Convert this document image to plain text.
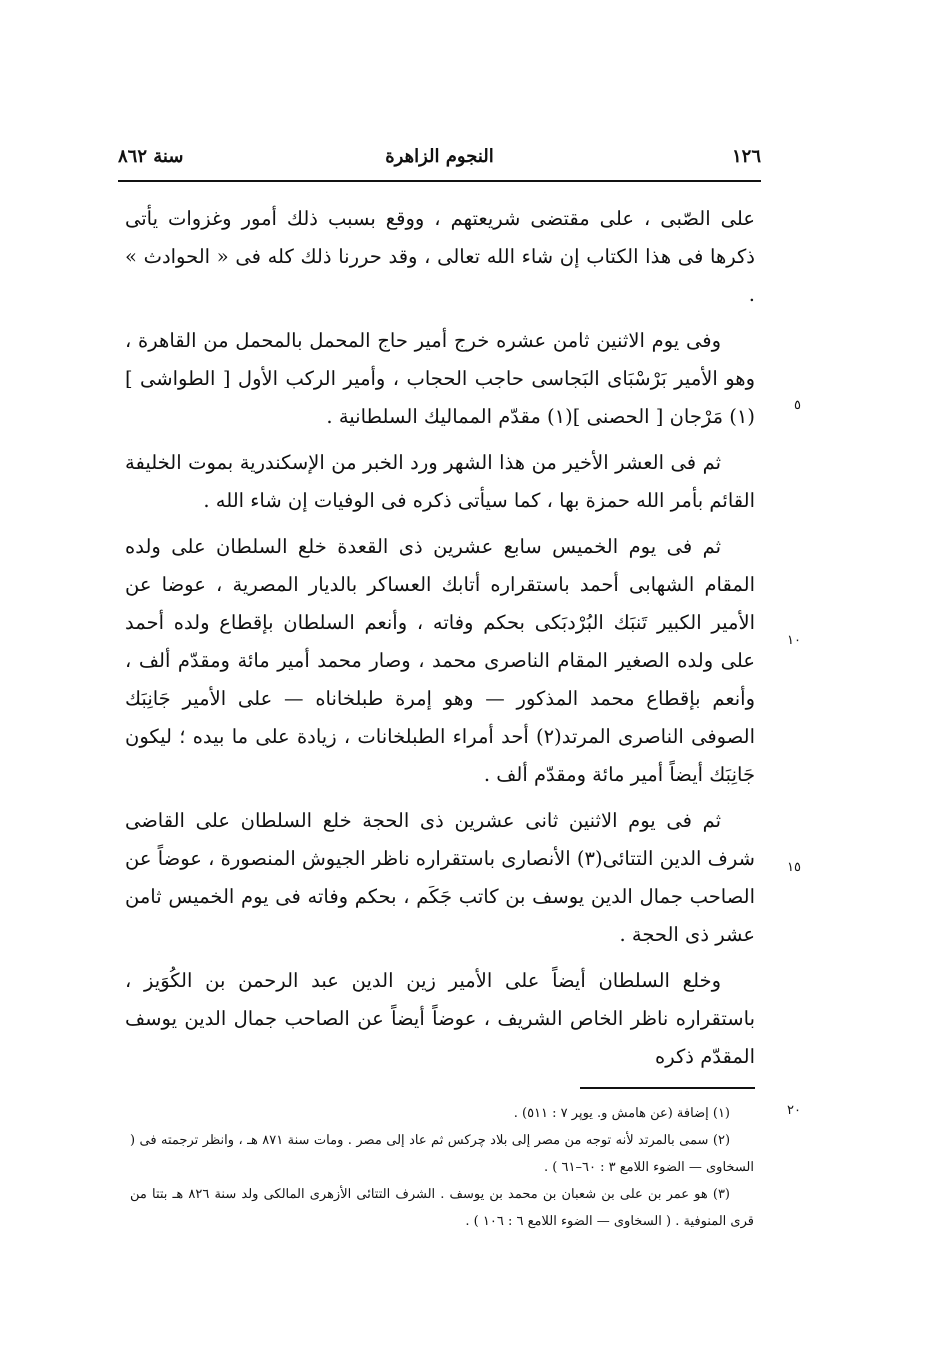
١٢٦
النجوم الزاهرة
سنة ٨٦٢

على الصّبى ، على مقتضى شريعتهم ، ووقع بسبب ذلك أمور وغزوات يأتى ذكرها فى هذا الكتاب إن شاء الله تعالى ، وقد حررنا ذلك كله فى « الحوادث » .

وفى يوم الاثنين ثامن عشره خرج أمير حاج المحمل بالمحمل من القاهرة ، وهو الأمير بَرْسْبَاى البَجاسى حاجب الحجاب ، وأمير الركب الأول [ الطواشى ](١) مَرْجان [ الحصنى ](١) مقدّم المماليك السلطانية .

ثم فى العشر الأخير من هذا الشهر ورد الخبر من الإسكندرية بموت الخليفة القائم بأمر الله حمزة بها ، كما سيأتى ذكره فى الوفيات إن شاء الله .

ثم فى يوم الخميس سابع عشرين ذى القعدة خلع السلطان على ولده المقام الشهابى أحمد باستقراره أتابك العساكر بالديار المصرية ، عوضا عن الأمير الكبير تَنبَك البُرْدبَكى بحكم وفاته ، وأنعم السلطان بإقطاع ولده أحمد على ولده الصغير المقام الناصرى محمد ، وصار محمد أمير مائة ومقدّم ألف ، وأنعم بإقطاع محمد المذكور — وهو إمرة طبلخاناه — على الأمير جَانِبَك الصوفى الناصرى المرتد(٢) أحد أمراء الطبلخانات ، زيادة على ما بيده ؛ ليكون جَانِبَك أيضاً أمير مائة ومقدّم ألف .

ثم فى يوم الاثنين ثانى عشرين ذى الحجة خلع السلطان على القاضى شرف الدين التتائى(٣) الأنصارى باستقراره ناظر الجيوش المنصورة ، عوضاً عن الصاحب جمال الدين يوسف بن كاتب جَكَم ، بحكم وفاته فى يوم الخميس ثامن عشر ذى الحجة .

وخلع السلطان أيضاً على الأمير زين الدين عبد الرحمن بن الكُوَيز ، باستقراره ناظر الخاص الشريف ، عوضاً أيضاً عن الصاحب جمال الدين يوسف المقدّم ذكره

٥
١٠
١٥
٢٠

(١) إضافة (عن هامش و. يوپر ٧ : ٥١١) .

(٢) سمى بالمرتد لأنه توجه من مصر إلى بلاد چركس ثم عاد إلى مصر . ومات سنة ٨٧١ هـ ، وانظر ترجمته فى ( السخاوى — الضوء اللامع ٣ : ٦٠–٦١ ) .

(٣) هو عمر بن على بن شعبان بن محمد بن يوسف . الشرف التتائى الأزهرى المالكى ولد سنة ٨٢٦ هـ بتتا من قرى المنوفية . ( السخاوى — الضوء اللامع ٦ : ١٠٦ ) .
